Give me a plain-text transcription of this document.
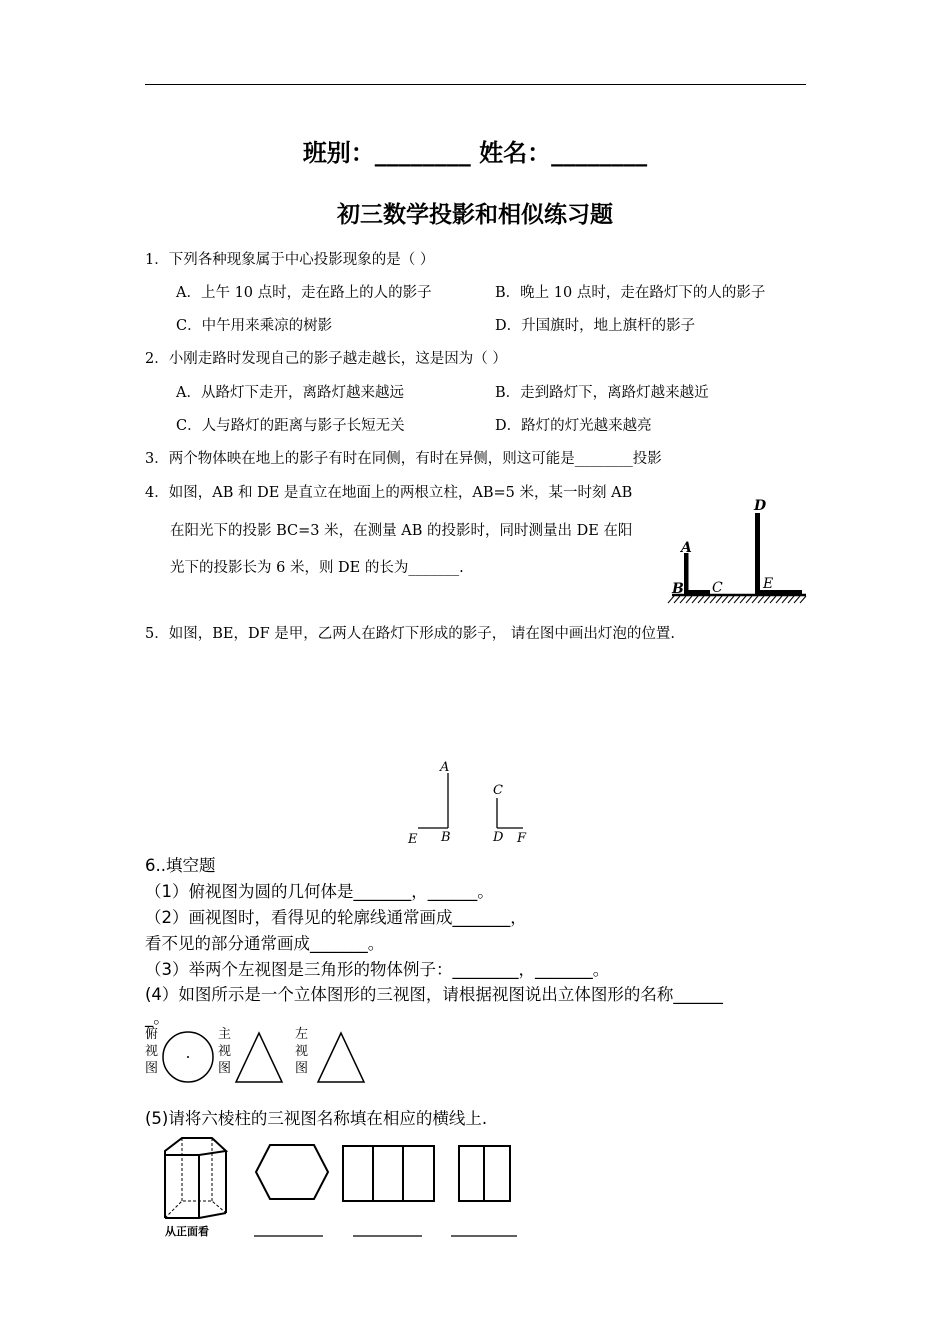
班别：________ 姓名：________
初三数学投影和相似练习题
1．下列各种现象属于中心投影现象的是（ ）
A．上午 10 点时，走在路上的人的影子	B．晚上 10 点时，走在路灯下的人的影子
C．中午用来乘凉的树影	D．升国旗时，地上旗杆的影子
2．小刚走路时发现自己的影子越走越长，这是因为（ ）
A．从路灯下走开，离路灯越来越远	B．走到路灯下，离路灯越来越近
C．人与路灯的距离与影子长短无关	D．路灯的灯光越来越亮
3．两个物体映在地上的影子有时在同侧，有时在异侧，则这可能是________投影
4．如图，AB 和 DE 是直立在地面上的两根立柱，AB=5 米，某一时刻 AB
在阳光下的投影 BC=3 米，在测量 AB 的投影时，同时测量出 DE 在阳
光下的投影长为 6 米，则 DE 的长为_______.
A
B C
D
E
5．如图，BE，DF 是甲，乙两人在路灯下形成的影子， 请在图中画出灯泡的位置.
A
B
C
D
E	F
6..填空题
（1）俯视图为圆的几何体是_______，______。
（2）画视图时，看得见的轮廓线通常画成_______，
看不见的部分通常画成_______。
（3）举两个左视图是三角形的物体例子：________，_______。
(4）如图所示是一个立体图形的三视图，请根据视图说出立体图形的名称______
_。
俯
视
图
主
视
图
左
视
图
(5)请将六棱柱的三视图名称填在相应的横线上.
从正面看
